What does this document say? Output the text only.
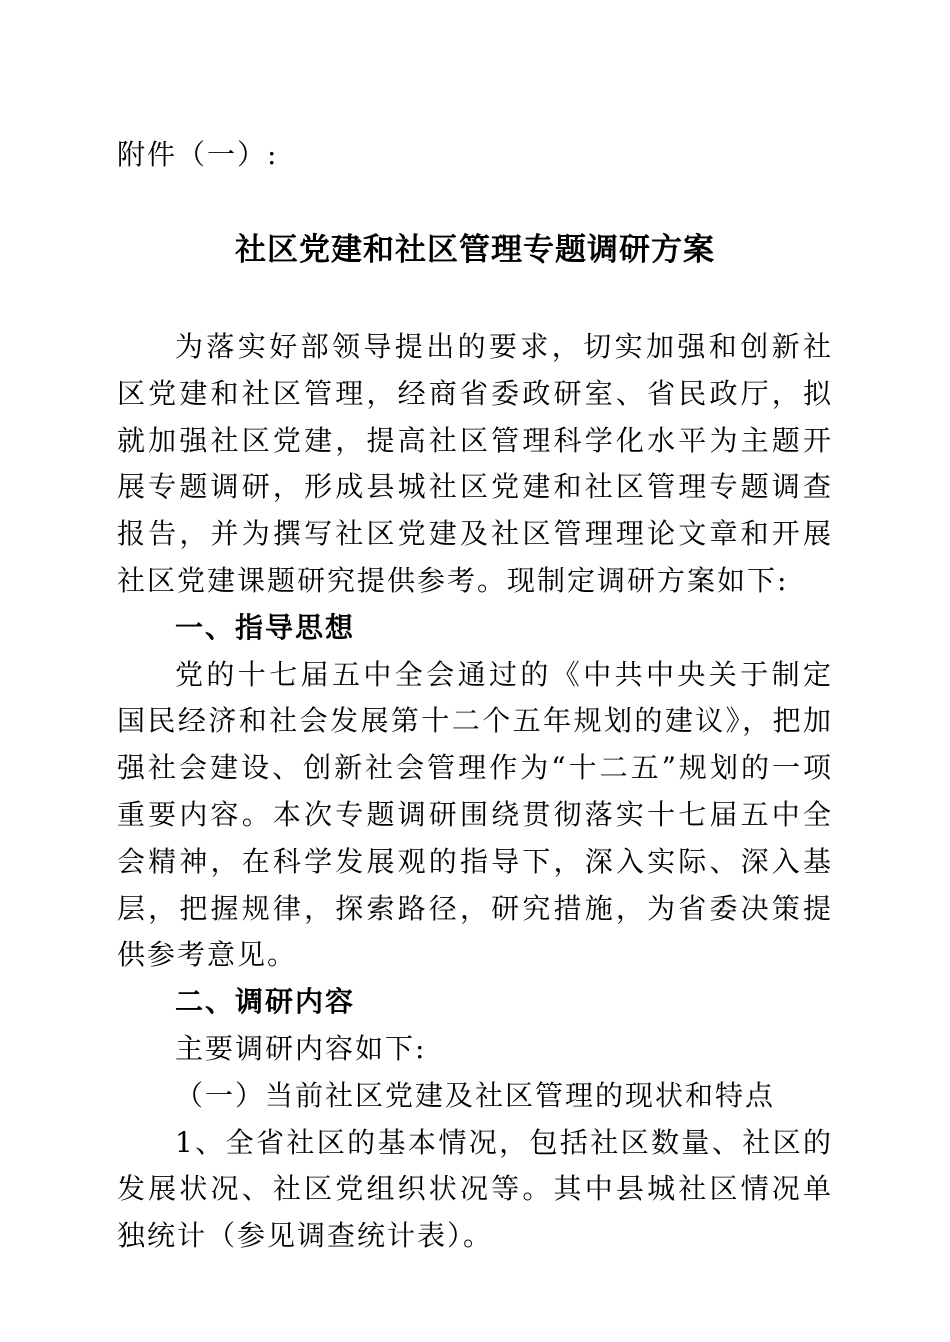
附件（一）:
社区党建和社区管理专题调研方案

为落实好部领导提出的要求，切实加强和创新社区党建和社区管理，经商省委政研室、省民政厅，拟就加强社区党建，提高社区管理科学化水平为主题开展专题调研，形成县城社区党建和社区管理专题调查报告，并为撰写社区党建及社区管理理论文章和开展社区党建课题研究提供参考。现制定调研方案如下:

一、指导思想

党的十七届五中全会通过的《中共中央关于制定国民经济和社会发展第十二个五年规划的建议》，把加强社会建设、创新社会管理作为“十二五”规划的一项重要内容。本次专题调研围绕贯彻落实十七届五中全会精神，在科学发展观的指导下，深入实际、深入基层，把握规律，探索路径，研究措施，为省委决策提供参考意见。

二、调研内容

主要调研内容如下:

（一）当前社区党建及社区管理的现状和特点

1、全省社区的基本情况，包括社区数量、社区的发展状况、社区党组织状况等。其中县城社区情况单独统计（参见调查统计表）。
